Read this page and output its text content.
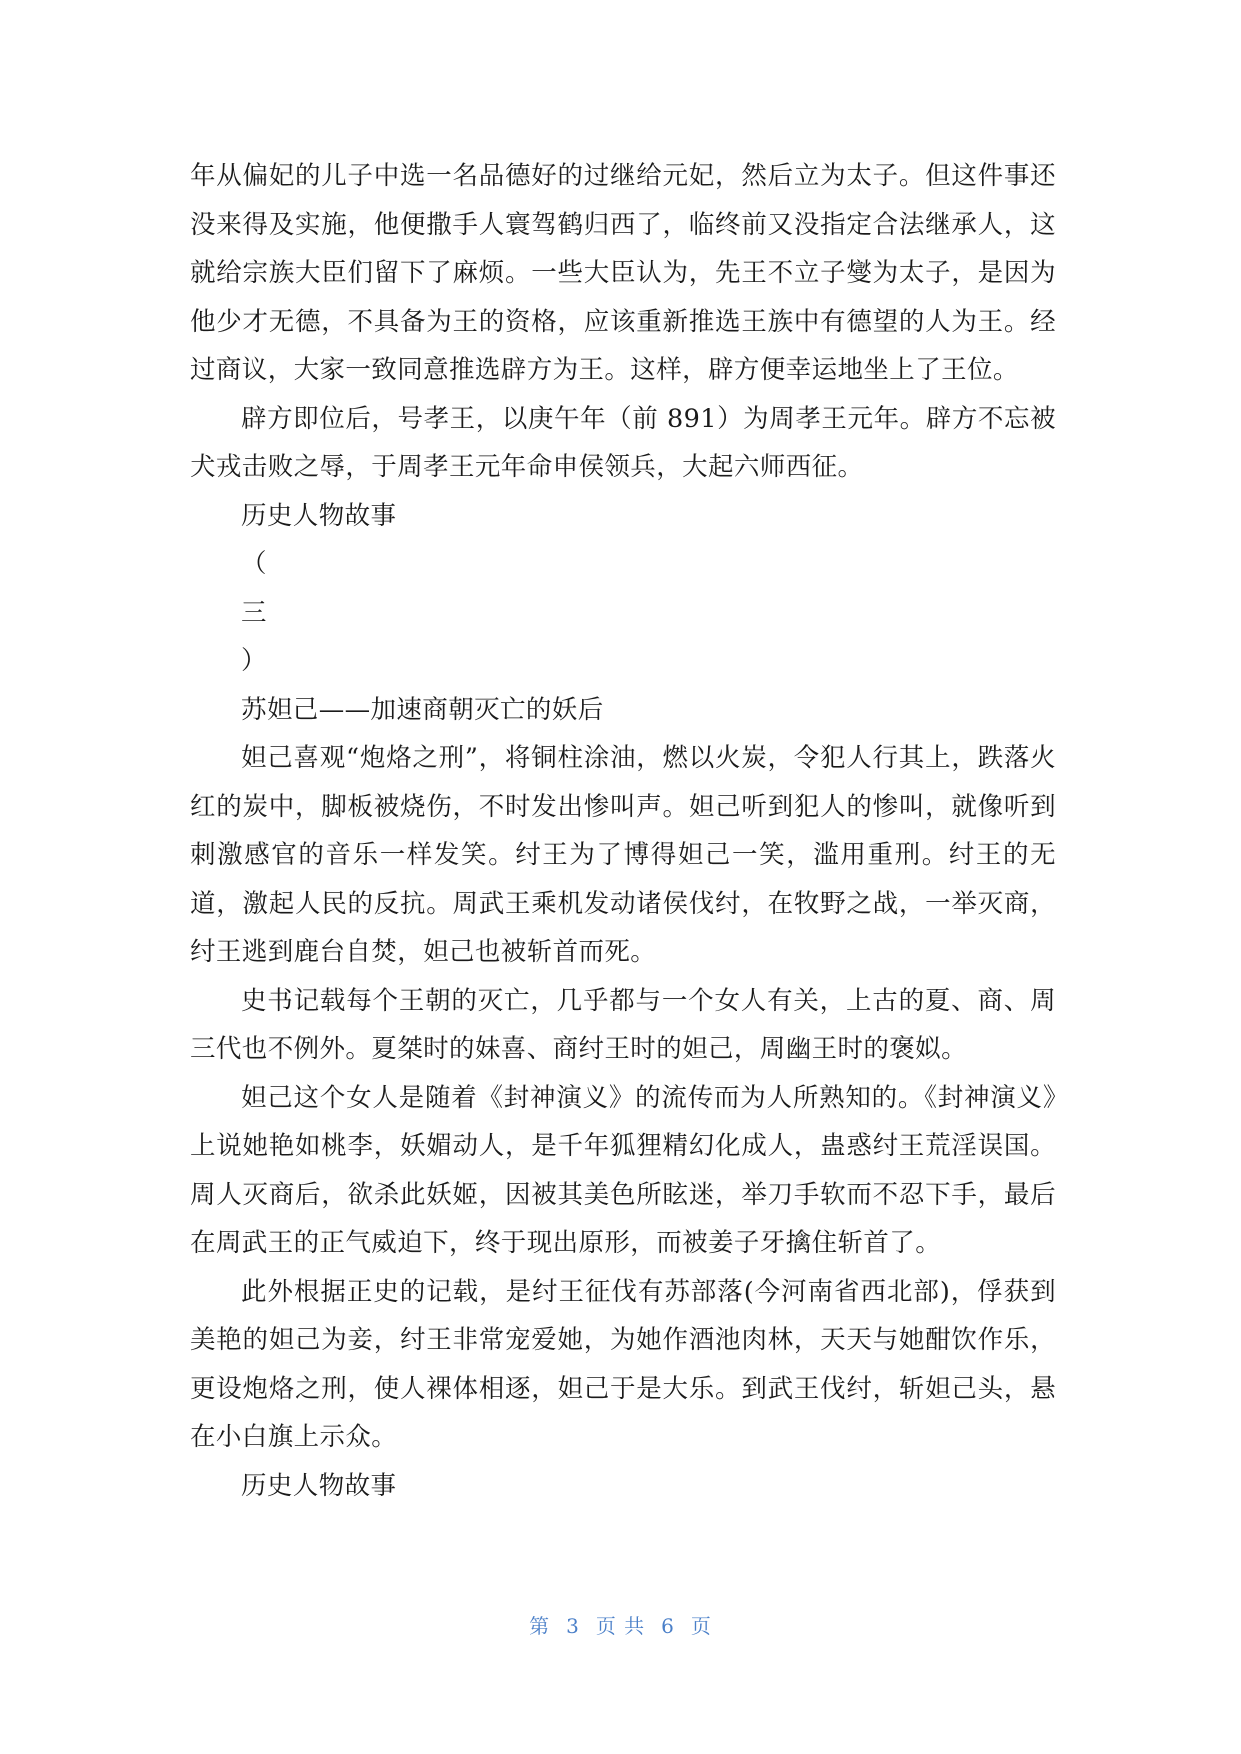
年从偏妃的儿子中选一名品德好的过继给元妃，然后立为太子。但这件事还没来得及实施，他便撒手人寰驾鹤归西了，临终前又没指定合法继承人，这就给宗族大臣们留下了麻烦。一些大臣认为，先王不立子燮为太子，是因为他少才无德，不具备为王的资格，应该重新推选王族中有德望的人为王。经过商议，大家一致同意推选辟方为王。这样，辟方便幸运地坐上了王位。

辟方即位后，号孝王，以庚午年（前 891）为周孝王元年。辟方不忘被犬戎击败之辱，于周孝王元年命申侯领兵，大起六师西征。

历史人物故事

（

三

）

苏妲己——加速商朝灭亡的妖后

妲己喜观“炮烙之刑”，将铜柱涂油，燃以火炭，令犯人行其上，跌落火红的炭中，脚板被烧伤，不时发出惨叫声。妲己听到犯人的惨叫，就像听到刺激感官的音乐一样发笑。纣王为了博得妲己一笑，滥用重刑。纣王的无道，激起人民的反抗。周武王乘机发动诸侯伐纣，在牧野之战，一举灭商，纣王逃到鹿台自焚，妲己也被斩首而死。

史书记载每个王朝的灭亡，几乎都与一个女人有关，上古的夏、商、周三代也不例外。夏桀时的妹喜、商纣王时的妲己，周幽王时的褒姒。

妲己这个女人是随着《封神演义》的流传而为人所熟知的。《封神演义》上说她艳如桃李，妖媚动人，是千年狐狸精幻化成人，蛊惑纣王荒淫误国。周人灭商后，欲杀此妖姬，因被其美色所眩迷，举刀手软而不忍下手，最后在周武王的正气威迫下，终于现出原形，而被姜子牙擒住斩首了。

此外根据正史的记载，是纣王征伐有苏部落(今河南省西北部)，俘获到美艳的妲己为妾，纣王非常宠爱她，为她作酒池肉林，天天与她酣饮作乐，更设炮烙之刑，使人裸体相逐，妲己于是大乐。到武王伐纣，斩妲己头，悬在小白旗上示众。

历史人物故事

第 3 页 共 6 页
